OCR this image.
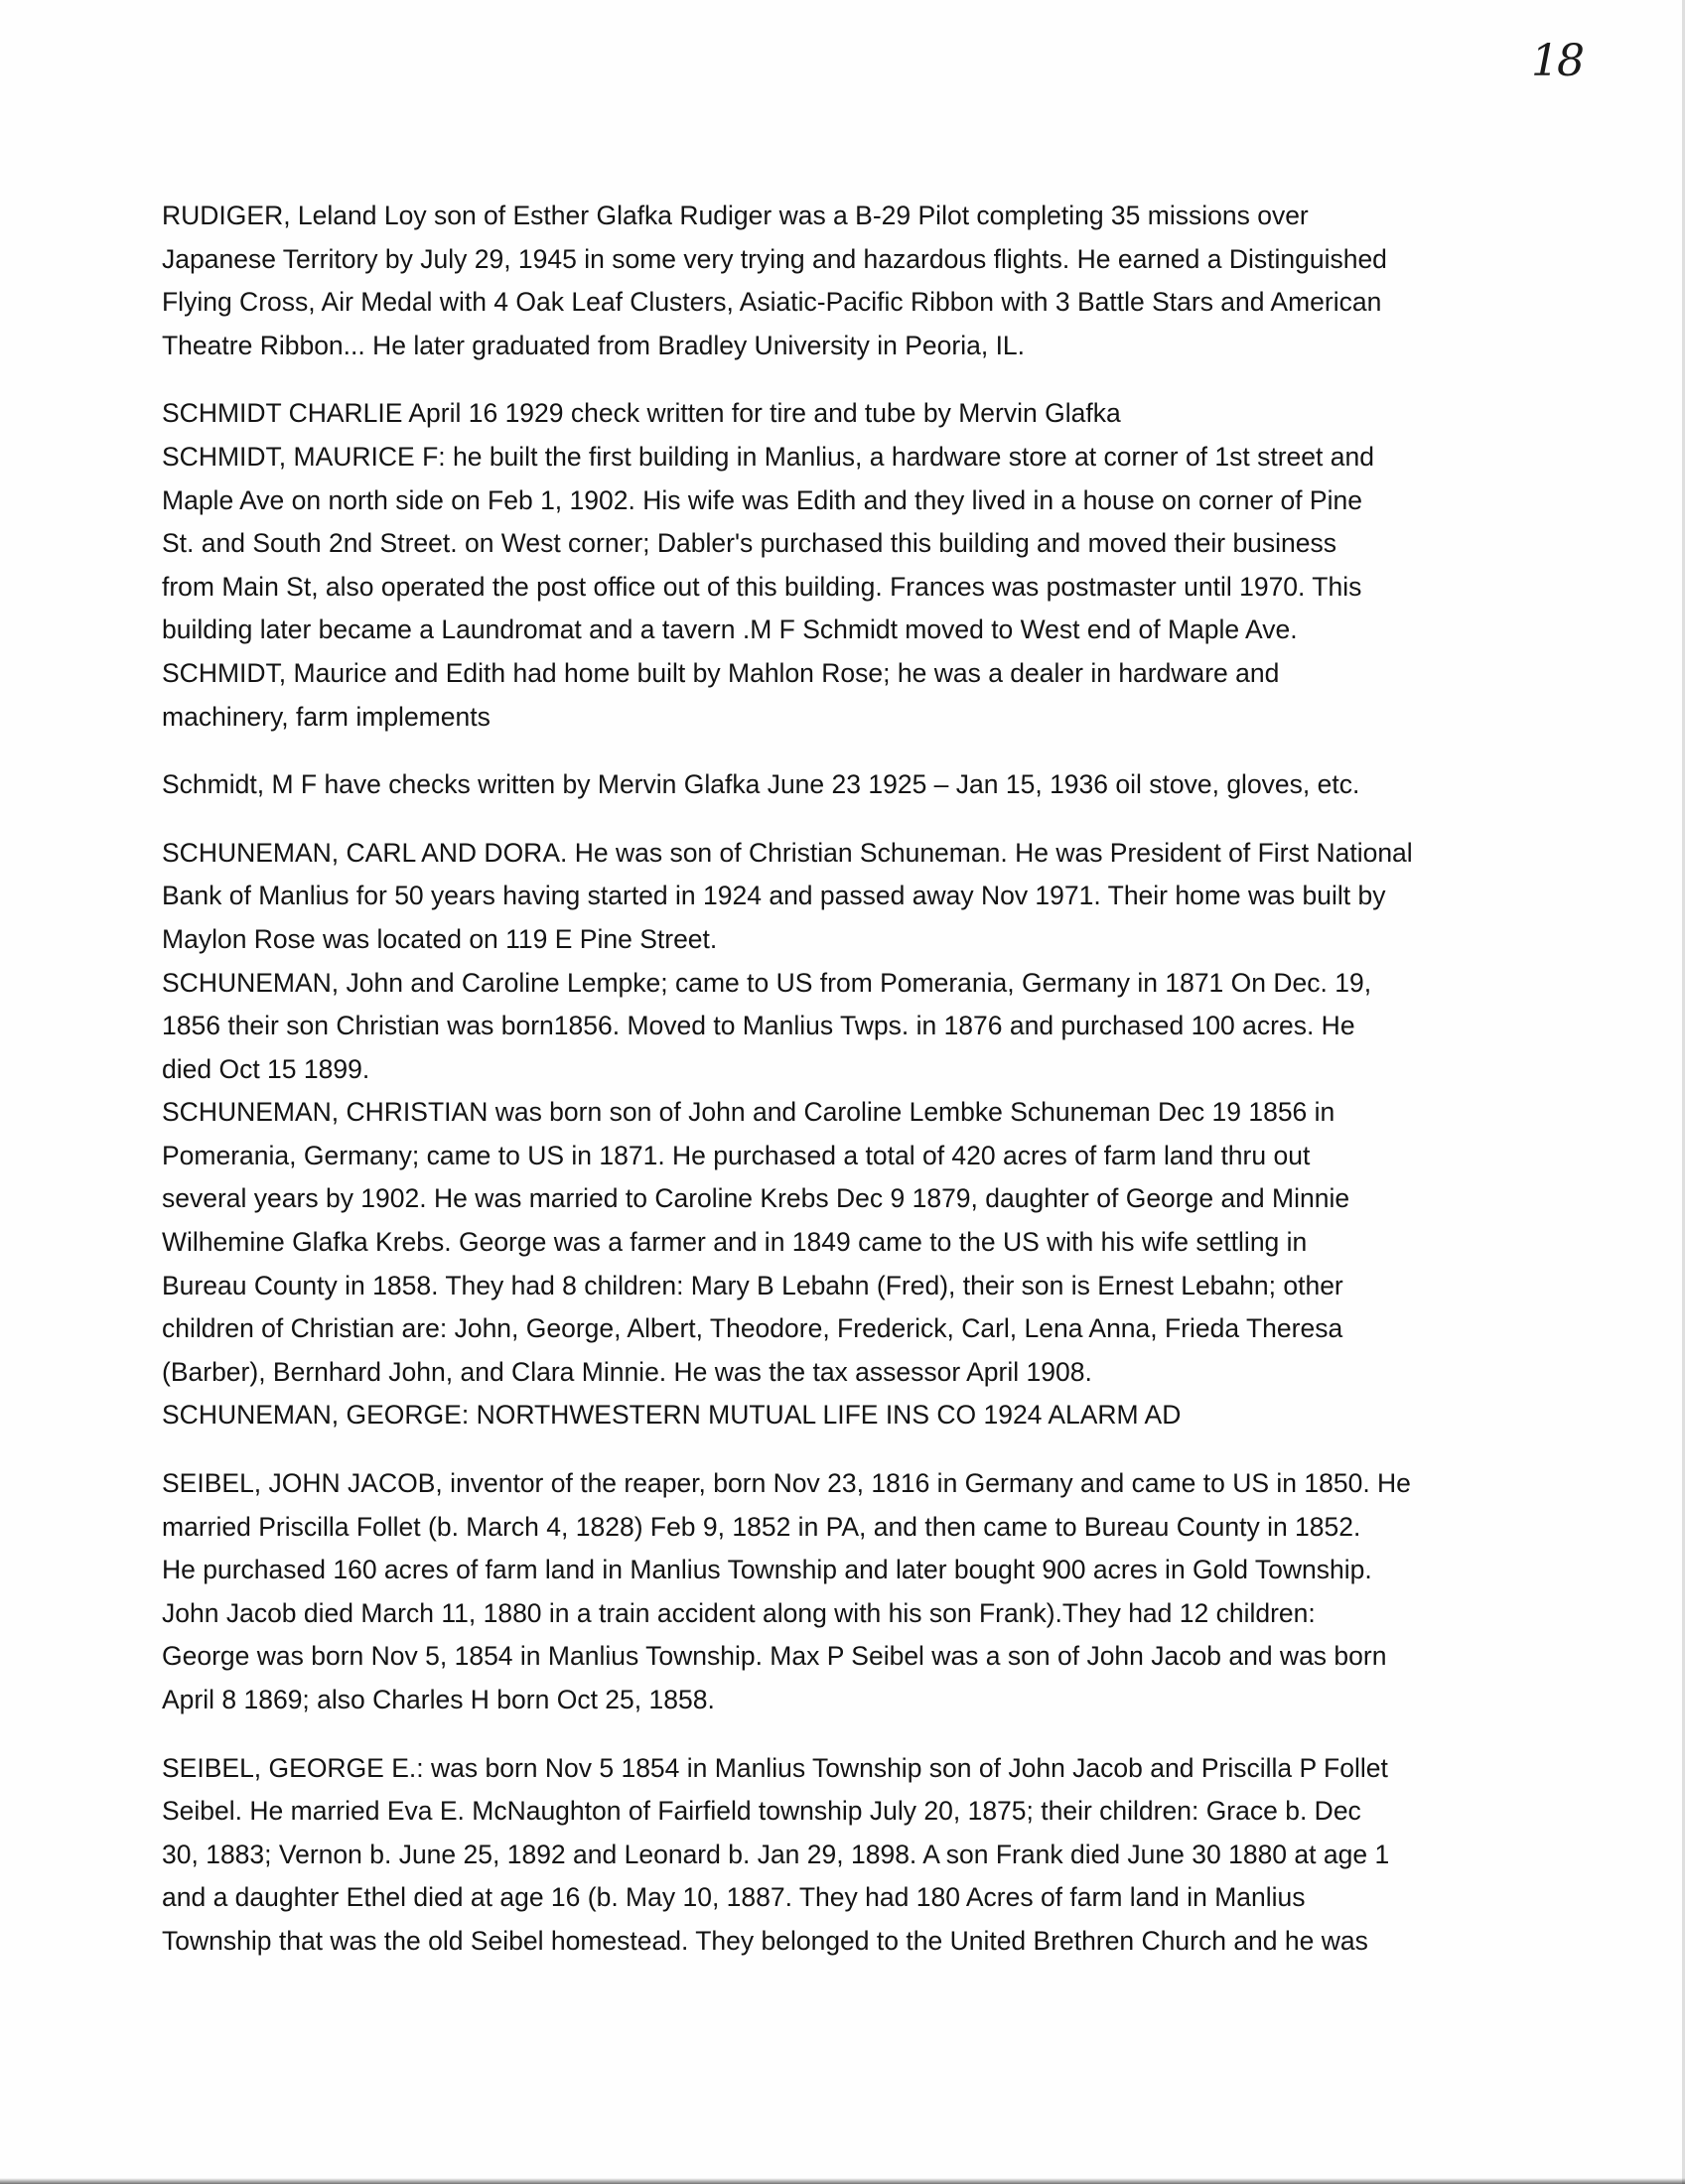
18
RUDIGER, Leland Loy son of Esther Glafka Rudiger was a B-29 Pilot completing 35 missions over
Japanese Territory by July 29, 1945 in some very trying and hazardous flights. He earned a Distinguished
Flying Cross, Air Medal with 4 Oak Leaf Clusters, Asiatic-Pacific Ribbon with 3 Battle Stars and American
Theatre Ribbon... He later graduated from Bradley University in Peoria, IL.
SCHMIDT CHARLIE April 16 1929 check written for tire and tube by Mervin Glafka
SCHMIDT, MAURICE F: he built the first building in Manlius, a hardware store at corner of 1st street and
Maple Ave on north side on Feb 1, 1902. His wife was Edith and they lived in a house on corner of Pine
St. and South 2nd Street. on West corner; Dabler's purchased this building and moved their business
from Main St, also operated the post office out of this building. Frances was postmaster until 1970. This
building later became a Laundromat and a tavern .M F Schmidt moved to West end of Maple Ave.
SCHMIDT, Maurice and Edith had home built by Mahlon Rose; he was a dealer in hardware and
machinery, farm implements
Schmidt, M F have checks written by Mervin Glafka June 23 1925 – Jan 15, 1936 oil stove, gloves, etc.
SCHUNEMAN, CARL AND DORA. He was son of Christian Schuneman. He was President of First National
Bank of Manlius for 50 years having started in 1924 and passed away Nov 1971. Their home was built by
Maylon Rose was located on 119 E Pine Street.
SCHUNEMAN, John and Caroline Lempke; came to US from Pomerania, Germany in 1871 On Dec. 19,
1856 their son Christian was born1856. Moved to Manlius Twps. in 1876 and purchased 100 acres. He
died Oct 15 1899.
SCHUNEMAN, CHRISTIAN was born son of John and Caroline Lembke Schuneman Dec 19 1856 in
Pomerania, Germany; came to US in 1871. He purchased a total of 420 acres of farm land thru out
several years by 1902. He was married to Caroline Krebs Dec 9 1879, daughter of George and Minnie
Wilhemine Glafka Krebs. George was a farmer and in 1849 came to the US with his wife settling in
Bureau County in 1858. They had 8 children: Mary B Lebahn (Fred), their son is Ernest Lebahn; other
children of Christian are: John, George, Albert, Theodore, Frederick, Carl, Lena Anna, Frieda Theresa
(Barber), Bernhard John, and Clara Minnie. He was the tax assessor April 1908.
SCHUNEMAN, GEORGE: NORTHWESTERN MUTUAL LIFE INS CO 1924 ALARM AD
SEIBEL, JOHN JACOB, inventor of the reaper, born Nov 23, 1816 in Germany and came to US in 1850. He
married Priscilla Follet (b. March 4, 1828) Feb 9, 1852 in PA, and then came to Bureau County in 1852.
He purchased 160 acres of farm land in Manlius Township and later bought 900 acres in Gold Township.
John Jacob died March 11, 1880 in a train accident along with his son Frank).They had 12 children:
George was born Nov 5, 1854 in Manlius Township. Max P Seibel was a son of John Jacob and was born
April 8 1869; also Charles H born Oct 25, 1858.
SEIBEL, GEORGE E.: was born Nov 5 1854 in Manlius Township son of John Jacob and Priscilla P Follet
Seibel. He married Eva E. McNaughton of Fairfield township July 20, 1875; their children: Grace b. Dec
30, 1883; Vernon b. June 25, 1892 and Leonard b. Jan 29, 1898. A son Frank died June 30 1880 at age 1
and a daughter Ethel died at age 16 (b. May 10, 1887. They had 180 Acres of farm land in Manlius
Township that was the old Seibel homestead. They belonged to the United Brethren Church and he was
